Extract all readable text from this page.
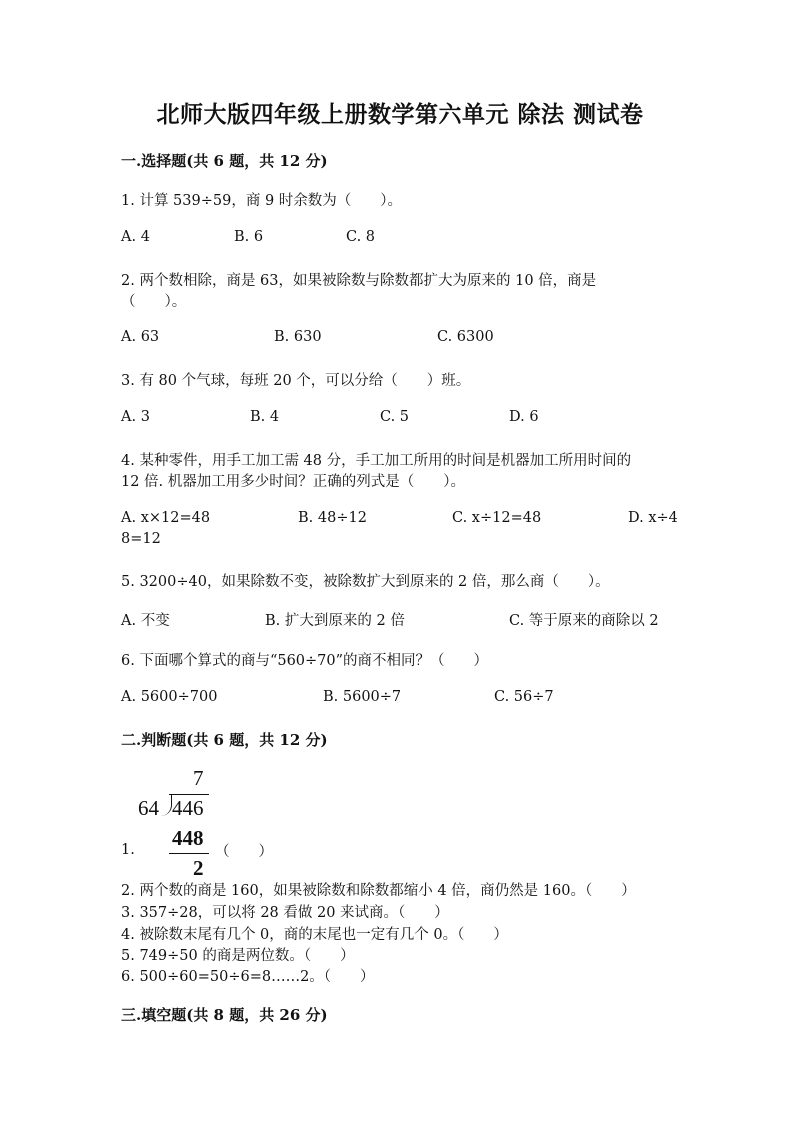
北师大版四年级上册数学第六单元 除法 测试卷
一.选择题(共 6 题，共 12 分)
1. 计算 539÷59，商 9 时余数为（　　）。
A. 4	B. 6	C. 8
2. 两个数相除，商是 63，如果被除数与除数都扩大为原来的 10 倍，商是
（　　）。
A. 63	B. 630	C. 6300
3. 有 80 个气球，每班 20 个，可以分给（　　）班。
A. 3	B. 4	C. 5	D. 6
4. 某种零件，用手工加工需 48 分，手工加工所用的时间是机器加工所用时间的
12 倍. 机器加工用多少时间？正确的列式是（　　）。
A. x×12=48	B. 48÷12	C. x÷12=48	D. x÷4
8=12
5. 3200÷40，如果除数不变，被除数扩大到原来的 2 倍，那么商（　　）。
A. 不变	B. 扩大到原来的 2 倍	C. 等于原来的商除以 2
6. 下面哪个算式的商与“560÷70”的商不相同？（　　）
A. 5600÷700	B. 5600÷7	C. 56÷7
二.判断题(共 6 题，共 12 分)
7
64 446
448
2
1.	（　　）
2. 两个数的商是 160，如果被除数和除数都缩小 4 倍，商仍然是 160。（　　）
3. 357÷28，可以将 28 看做 20 来试商。（　　）
4. 被除数末尾有几个 0，商的末尾也一定有几个 0。（　　）
5. 749÷50 的商是两位数。（　　）
6. 500÷60=50÷6=8……2。（　　）
三.填空题(共 8 题，共 26 分)
